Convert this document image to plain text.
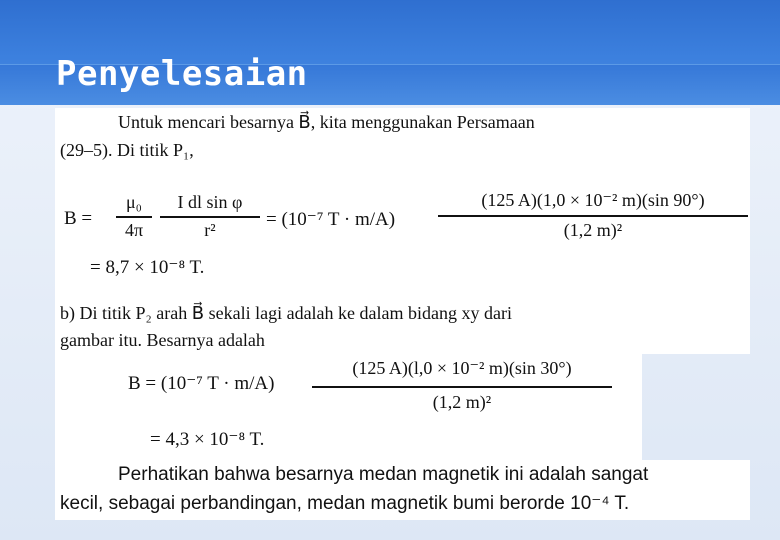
Penyelesaian
Untuk mencari besarnya B⃗, kita menggunakan Persamaan
(29–5). Di titik P₁,
B =
μ₀
4π
I dl sin φ
r²	= (10⁻⁷ T · m/A)
(125 A)(1,0 × 10⁻² m)(sin 90°)
(1,2 m)²
= 8,7 × 10⁻⁸ T.
b) Di titik P₂ arah B⃗ sekali lagi adalah ke dalam bidang xy dari
gambar itu. Besarnya adalah
B = (10⁻⁷ T · m/A)
(125 A)(l,0 × 10⁻² m)(sin 30°)
(1,2 m)²
= 4,3 × 10⁻⁸ T.
Perhatikan bahwa besarnya medan magnetik ini adalah sangat
kecil, sebagai perbandingan, medan magnetik bumi berorde 10⁻⁴ T.
